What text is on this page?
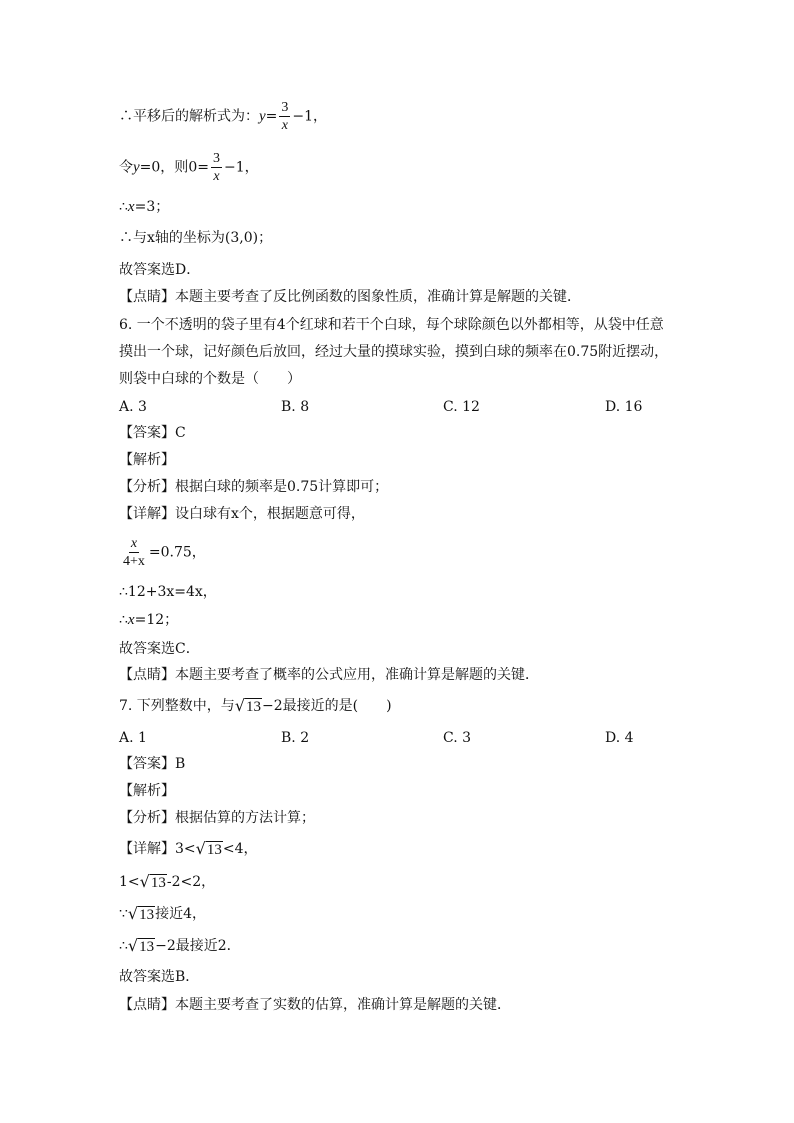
∴平移后的解析式为：$y= \frac{3}{x} -1$，
令y=0，则$0= \frac{3}{x} -1$，
∴x=3；
∴与x轴的坐标为(3,0)；
故答案选D．
【点睛】本题主要考查了反比例函数的图象性质，准确计算是解题的关键．
6. 一个不透明的袋子里有4个红球和若干个白球，每个球除颜色以外都相等，从袋中任意
摸出一个球，记好颜色后放回，经过大量的摸球实验，摸到白球的频率在0.75附近摆动，
则袋中白球的个数是（　　）
A. 3	B. 8	C. 12	D. 16
【答案】C
【解析】
【分析】根据白球的频率是0.75计算即可；
【详解】设白球有x个，根据题意可得，
$\frac{x}{4+x} =0.75$，
∴12+3x=4x，
∴x=12；
故答案选C．
【点睛】本题主要考查了概率的公式应用，准确计算是解题的关键．
7. 下列整数中，与 √ 13 −2最接近的是(　　)
A. 1	B. 2	C. 3	D. 4
【答案】B
【解析】
【分析】根据估算的方法计算；
【详解】3< √ 13 <4，
1< √ 13 -2<2，
∵ √ 13 接近4，
∴ √ 13 −2最接近2．
故答案选B．
【点睛】本题主要考查了实数的估算，准确计算是解题的关键．
